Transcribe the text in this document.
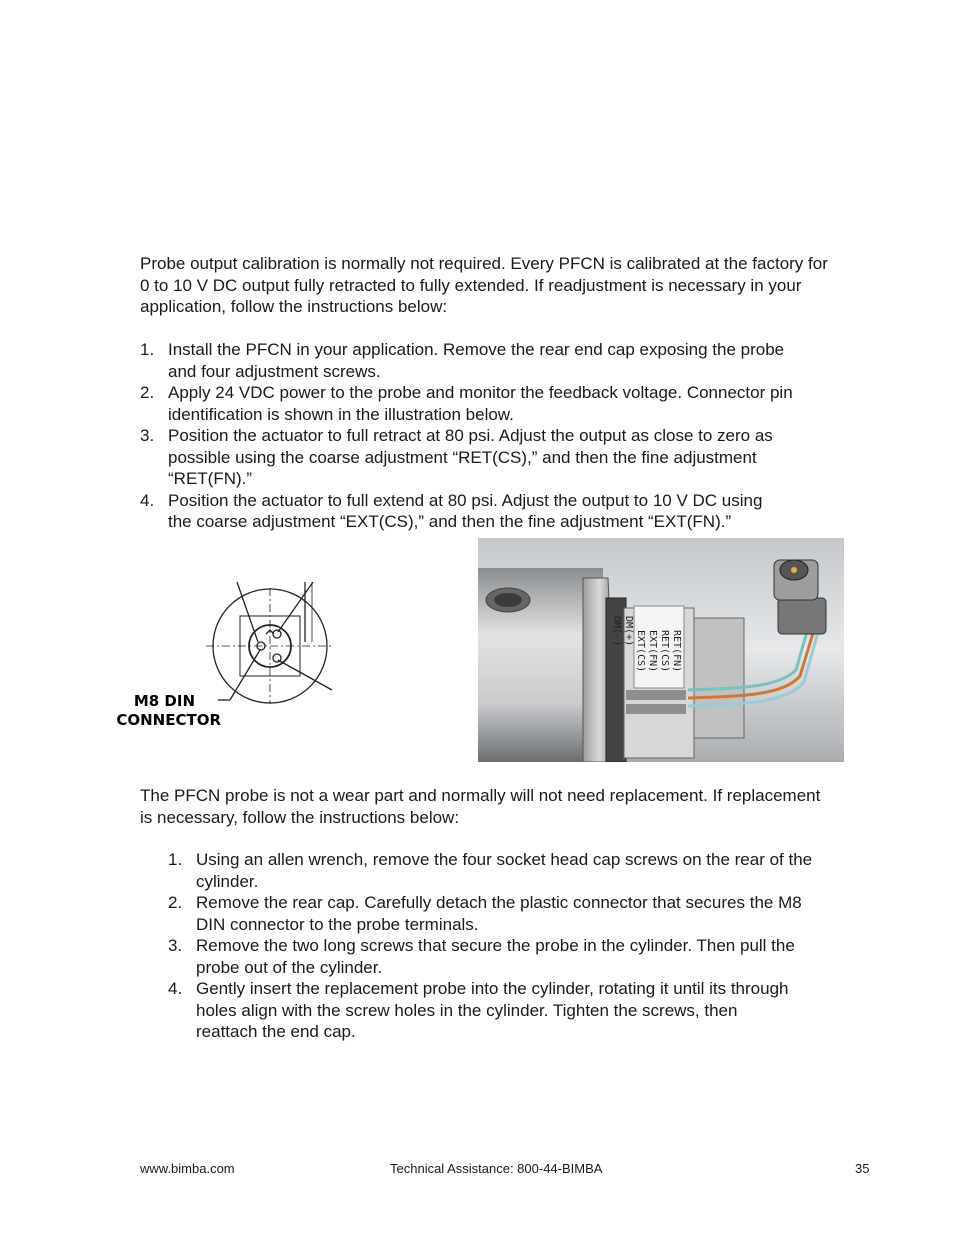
Probe output calibration is normally not required. Every PFCN is calibrated at the factory for 0 to 10 V DC output fully retracted to fully extended. If readjustment is necessary in your application, follow the instructions below:

1. Install the PFCN in your application. Remove the rear end cap exposing the probe and four adjustment screws.
2. Apply 24 VDC power to the probe and monitor the feedback voltage. Connector pin identification is shown in the illustration below.
3. Position the actuator to full retract at 80 psi. Adjust the output as close to zero as possible using the coarse adjustment “RET(CS),” and then the fine adjustment “RET(FN).”
4. Position the actuator to full extend at 80 psi. Adjust the output to 10 V DC using the coarse adjustment “EXT(CS),” and then the fine adjustment “EXT(FN).”
M8 DIN
CONNECTOR
RET(FN)
RET(CS)
EXT(FN)
EXT(CS)
DM(+)
DM(-)

The PFCN probe is not a wear part and normally will not need replacement. If replacement is necessary, follow the instructions below:

1. Using an allen wrench, remove the four socket head cap screws on the rear of the cylinder.
2. Remove the rear cap. Carefully detach the plastic connector that secures the M8 DIN connector to the probe terminals.
3. Remove the two long screws that secure the probe in the cylinder. Then pull the probe out of the cylinder.
4. Gently insert the replacement probe into the cylinder, rotating it until its through holes align with the screw holes in the cylinder. Tighten the screws, then reattach the end cap.
www.bimba.com	Technical Assistance: 800-44-BIMBA	35
